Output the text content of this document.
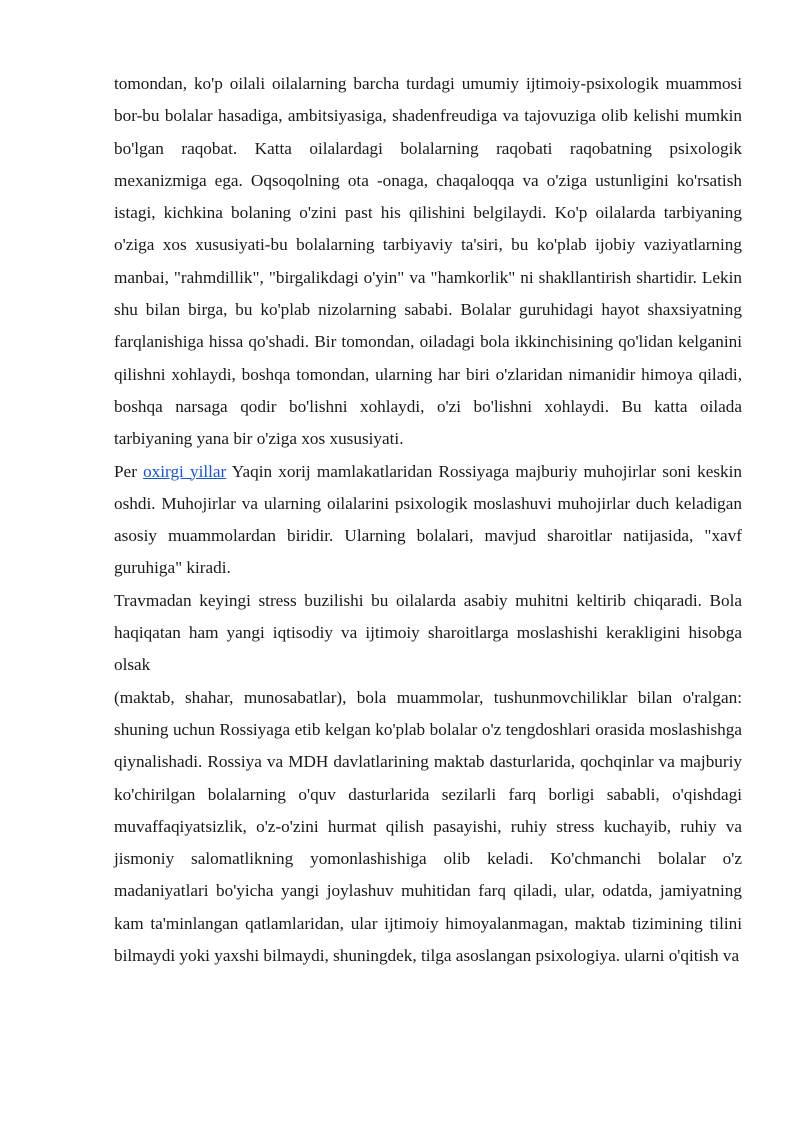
tomondan, ko'p oilali oilalarning barcha turdagi umumiy ijtimoiy-psixologik muammosi bor-bu bolalar hasadiga, ambitsiyasiga, shadenfreudiga va tajovuziga olib kelishi mumkin bo'lgan raqobat. Katta oilalardagi bolalarning raqobati raqobatning psixologik mexanizmiga ega. Oqsoqolning ota -onaga, chaqaloqqa va o'ziga ustunligini ko'rsatish istagi, kichkina bolaning o'zini past his qilishini belgilaydi. Ko'p oilalarda tarbiyaning o'ziga xos xususiyati-bu bolalarning tarbiyaviy ta'siri, bu ko'plab ijobiy vaziyatlarning manbai, "rahmdillik", "birgalikdagi o'yin" va "hamkorlik" ni shakllantirish shartidir. Lekin shu bilan birga, bu ko'plab nizolarning sababi. Bolalar guruhidagi hayot shaxsiyatning farqlanishiga hissa qo'shadi. Bir tomondan, oiladagi bola ikkinchisining qo'lidan kelganini qilishni xohlaydi, boshqa tomondan, ularning har biri o'zlaridan nimanidir himoya qiladi, boshqa narsaga qodir bo'lishni xohlaydi, o'zi bo'lishni xohlaydi. Bu katta oilada tarbiyaning yana bir o'ziga xos xususiyati.

Per oxirgi yillar Yaqin xorij mamlakatlaridan Rossiyaga majburiy muhojirlar soni keskin oshdi. Muhojirlar va ularning oilalarini psixologik moslashuvi muhojirlar duch keladigan asosiy muammolardan biridir. Ularning bolalari, mavjud sharoitlar natijasida, "xavf guruhiga" kiradi.

Travmadan keyingi stress buzilishi bu oilalarda asabiy muhitni keltirib chiqaradi. Bola haqiqatan ham yangi iqtisodiy va ijtimoiy sharoitlarga moslashishi kerakligini hisobga olsak

(maktab, shahar, munosabatlar), bola muammolar, tushunmovchiliklar bilan o'ralgan: shuning uchun Rossiyaga etib kelgan ko'plab bolalar o'z tengdoshlari orasida moslashishga qiynalishadi. Rossiya va MDH davlatlarining maktab dasturlarida, qochqinlar va majburiy ko'chirilgan bolalarning o'quv dasturlarida sezilarli farq borligi sababli, o'qishdagi muvaffaqiyatsizlik, o'z-o'zini hurmat qilish pasayishi, ruhiy stress kuchayib, ruhiy va jismoniy salomatlikning yomonlashishiga olib keladi. Ko'chmanchi bolalar o'z madaniyatlari bo'yicha yangi joylashuv muhitidan farq qiladi, ular, odatda, jamiyatning kam ta'minlangan qatlamlaridan, ular ijtimoiy himoyalanmagan, maktab tizimining tilini bilmaydi yoki yaxshi bilmaydi, shuningdek, tilga asoslangan psixologiya. ularni o'qitish va
